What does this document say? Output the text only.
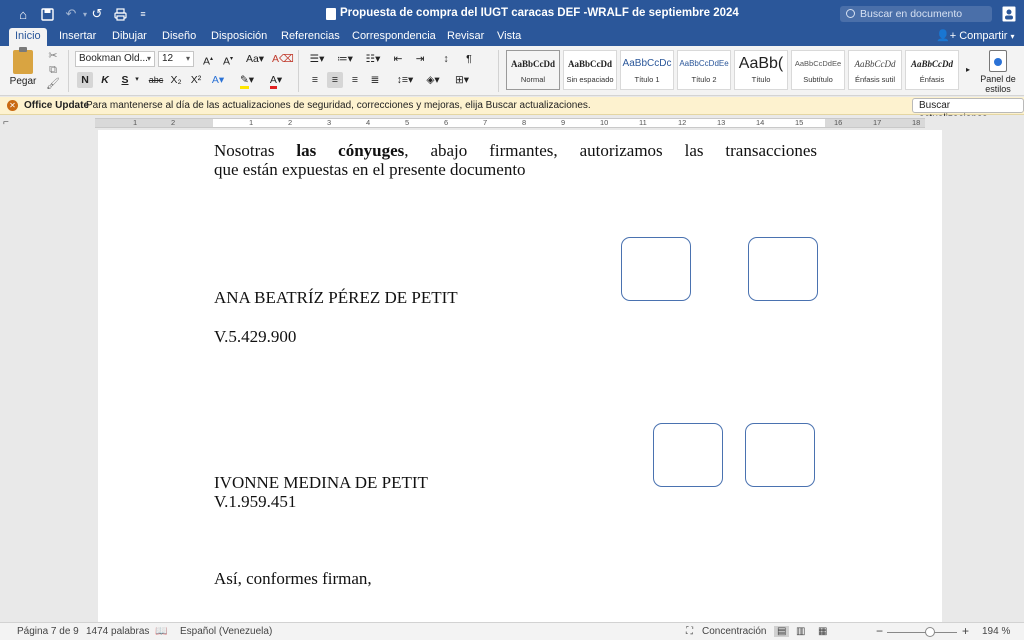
⌂	↶ ▾ ↺	≡	Propuesta de compra del IUGT caracas DEF -WRALF de septiembre 2024	Buscar en documento
Inicio	Insertar	Dibujar	Diseño	Disposición	Referencias	Correspondencia	Revisar	Vista	👤+ Compartir ▾
Pegar
✂
⧉
🖌
Bookman Old... ▾	12 ▾ A▴ A▾ Aa▾ A⌫
N	K	S ▾	abc X₂ X² A▾	✎▾	A▾
☰▾	≔▾	☷▾	⇤	⇥	↕	¶
≡	≡	≡	≣	↕≡▾	◈▾	⊞▾
AaBbCcDd
Normal
AaBbCcDd
Sin espaciado
AaBbCcDc
Título 1
AaBbCcDdEe
Título 2
AaBb(
Título
AaBbCcDdEe
Subtítulo
AaBbCcDd
Énfasis sutil
AaBbCcDd
Énfasis
▸
Panel de estilos
✕ Office Update
Para mantenerse al día de las actualizaciones de seguridad, correcciones y mejoras, elija Buscar actualizaciones.	Buscar
⌐	1	2	1	2	3	4	5	6	7	8	9	10	11	12	13	14	15	16	17	18
Nosotras las cónyuges, abajo firmantes, autorizamos las transacciones
que están expuestas en el presente documento
ANA BEATRÍZ PÉREZ DE PETIT
V.5.429.900
IVONNE MEDINA DE PETIT
V.1.959.451
Así, conformes firman,
Página 7 de 9 1474 palabras 📖 Español (Venezuela)	⛶ Concentración	▤ ▥ ▦	−	+ 194 %
